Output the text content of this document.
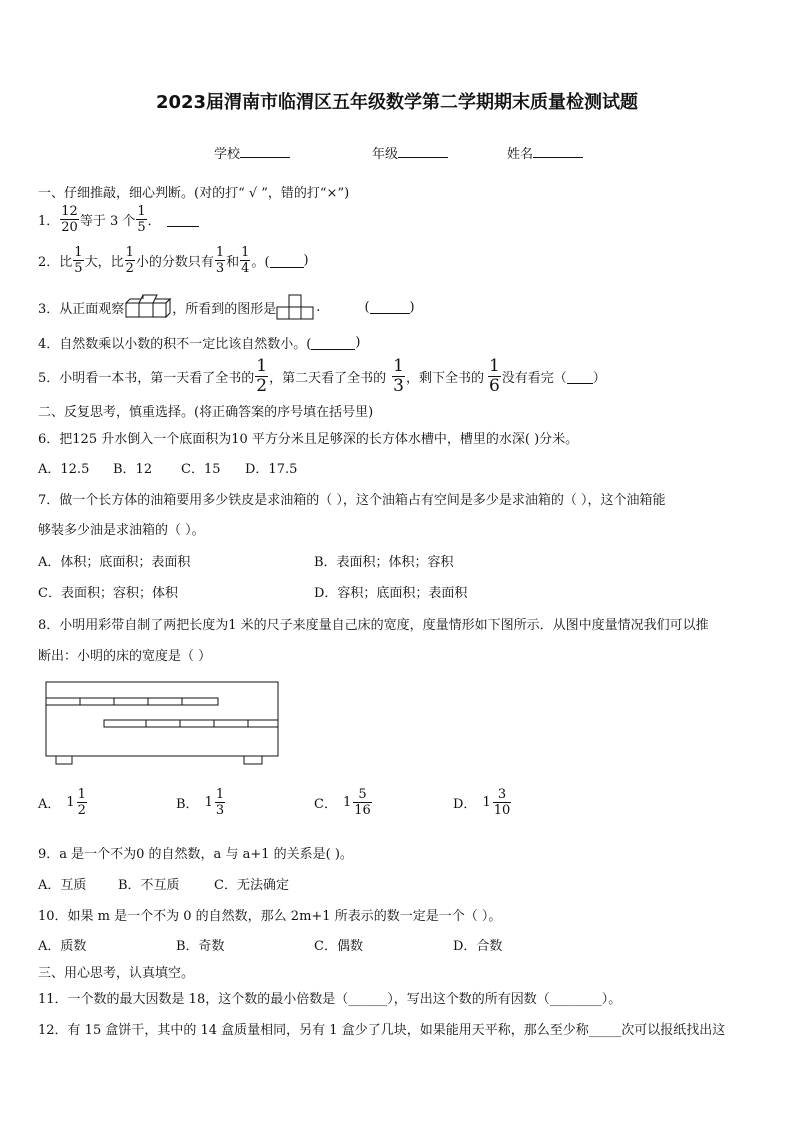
2023届渭南市临渭区五年级数学第二学期期末质量检测试题
学校	年级	姓名
一、仔细推敲，细心判断。(对的打“ √ ”，错的打“×”)
1． $\frac{12}{20}$ 等于 3 个 $\frac{1}{5}$ ．
2．比 $\frac{1}{5}$ 大，比 $\frac{1}{2}$ 小的分数只有 $\frac{1}{3}$ 和 $\frac{1}{4}$ 。(	)
3．从正面观察	，所看到的图形是	.	(	)
4．自然数乘以小数的积不一定比该自然数小。(	)
5．小明看一本书，第一天看了全书的 $\frac{1}{2}$ ，第二天看了全书的 $\frac{1}{3}$ ，剩下全书的 $\frac{1}{6}$ 没有看完（ ）
二、反复思考，慎重选择。(将正确答案的序号填在括号里)
6．把125 升水倒入一个底面积为10 平方分米且足够深的长方体水槽中，槽里的水深( )分米。
A．12.5 B．12 C．15 D．17.5
7．做一个长方体的油箱要用多少铁皮是求油箱的（ ），这个油箱占有空间是多少是求油箱的（ ），这个油箱能
够装多少油是求油箱的（ ）。
A．体积；底面积；表面积	B．表面积；体积；容积
C．表面积；容积；体积	D．容积；底面积；表面积
8．小明用彩带自制了两把长度为1 米的尺子来度量自己床的宽度，度量情形如下图所示．从图中度量情况我们可以推
断出：小明的床的宽度是（ ）
A． $1 \frac{1}{2}$	B． $1 \frac{1}{3}$	C． $1 \frac{5}{16}$	D． $1 \frac{3}{10}$
9．a 是一个不为0 的自然数，a 与 a+1 的关系是( )。
A．互质 B．不互质	C．无法确定
10．如果 m 是一个不为 0 的自然数，那么 2m+1 所表示的数一定是一个（ ）。
A．质数	B．奇数	C．偶数	D．合数
三、用心思考，认真填空。
11．一个数的最大因数是 18，这个数的最小倍数是（______），写出这个数的所有因数（________）。
12．有 15 盒饼干，其中的 14 盒质量相同，另有 1 盒少了几块，如果能用天平称，那么至少称_____次可以报纸找出这
